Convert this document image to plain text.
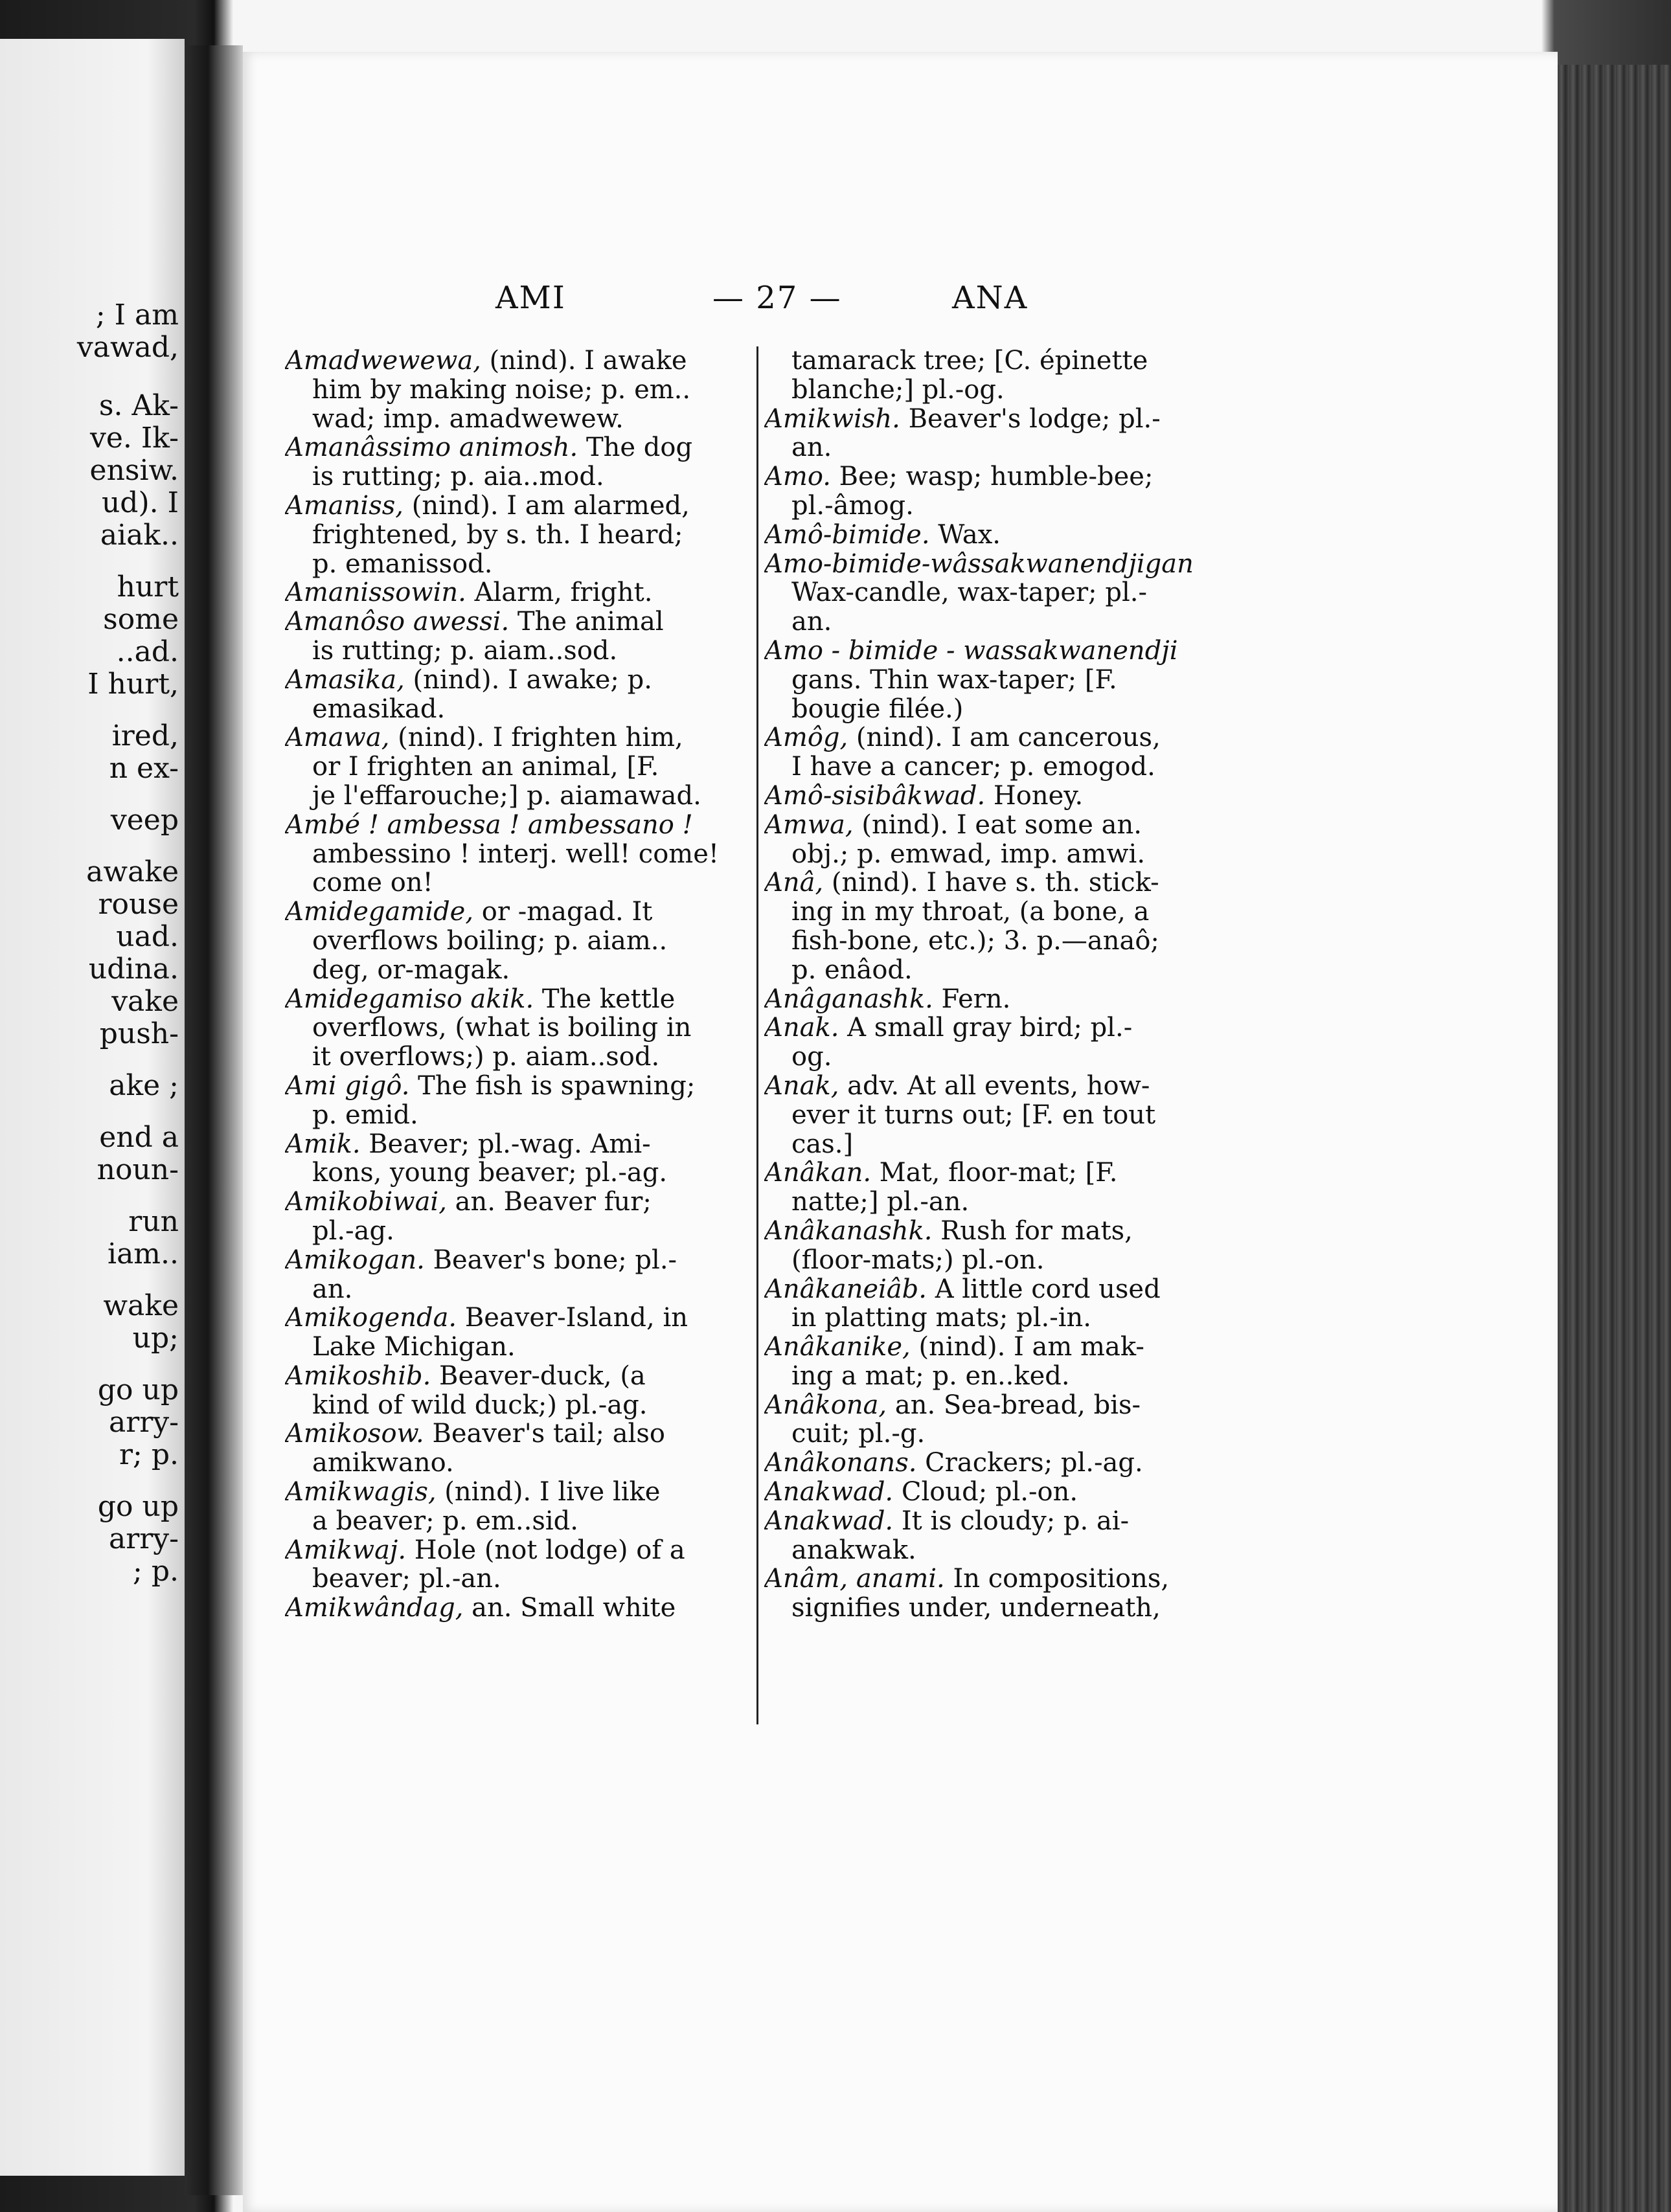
; I am
vawad,
s. Ak-
ve. Ik-
ensiw.
ud). I
aiak..
hurt
some
..ad.
I hurt,
ired,
n ex-
veep
awake
rouse
uad.
udina.
vake
push-
ake ;
end a
noun-
run
iam..
wake
up;
go up
arry-
r; p.
go up
arry-
; p.
AMI	— 27 —	ANA
Amadwewewa, (nind). I awake
him by making noise; p. em..
wad; imp. amadwewew.
Amanâssimo animosh. The dog
is rutting; p. aia..mod.
Amaniss, (nind). I am alarmed,
frightened, by s. th. I heard;
p. emanissod.
Amanissowin. Alarm, fright.
Amanôso awessi. The animal
is rutting; p. aiam..sod.
Amasika, (nind). I awake; p.
emasikad.
Amawa, (nind). I frighten him,
or I frighten an animal, [F.
je l'effarouche;] p. aiamawad.
Ambé ! ambessa ! ambessano !
ambessino ! interj. well! come!
come on!
Amidegamide, or -magad. It
overflows boiling; p. aiam..
deg, or-magak.
Amidegamiso akik. The kettle
overflows, (what is boiling in
it overflows;) p. aiam..sod.
Ami gigô. The fish is spawning;
p. emid.
Amik. Beaver; pl.-wag. Ami-
kons, young beaver; pl.-ag.
Amikobiwai, an. Beaver fur;
pl.-ag.
Amikogan. Beaver's bone; pl.-
an.
Amikogenda. Beaver-Island, in
Lake Michigan.
Amikoshib. Beaver-duck, (a
kind of wild duck;) pl.-ag.
Amikosow. Beaver's tail; also
amikwano.
Amikwagis, (nind). I live like
a beaver; p. em..sid.
Amikwaj. Hole (not lodge) of a
beaver; pl.-an.
Amikwândag, an. Small white
tamarack tree; [C. épinette
blanche;] pl.-og.
Amikwish. Beaver's lodge; pl.-
an.
Amo. Bee; wasp; humble-bee;
pl.-âmog.
Amô-bimide. Wax.
Amo-bimide-wâssakwanendjigan
Wax-candle, wax-taper; pl.-
an.
Amo - bimide - wassakwanendji
gans. Thin wax-taper; [F.
bougie filée.)
Amôg, (nind). I am cancerous,
I have a cancer; p. emogod.
Amô-sisibâkwad. Honey.
Amwa, (nind). I eat some an.
obj.; p. emwad, imp. amwi.
Anâ, (nind). I have s. th. stick-
ing in my throat, (a bone, a
fish-bone, etc.); 3. p.—anaô;
p. enâod.
Anâganashk. Fern.
Anak. A small gray bird; pl.-
og.
Anak, adv. At all events, how-
ever it turns out; [F. en tout
cas.]
Anâkan. Mat, floor-mat; [F.
natte;] pl.-an.
Anâkanashk. Rush for mats,
(floor-mats;) pl.-on.
Anâkaneiâb. A little cord used
in platting mats; pl.-in.
Anâkanike, (nind). I am mak-
ing a mat; p. en..ked.
Anâkona, an. Sea-bread, bis-
cuit; pl.-g.
Anâkonans. Crackers; pl.-ag.
Anakwad. Cloud; pl.-on.
Anakwad. It is cloudy; p. ai-
anakwak.
Anâm, anami. In compositions,
signifies under, underneath,
